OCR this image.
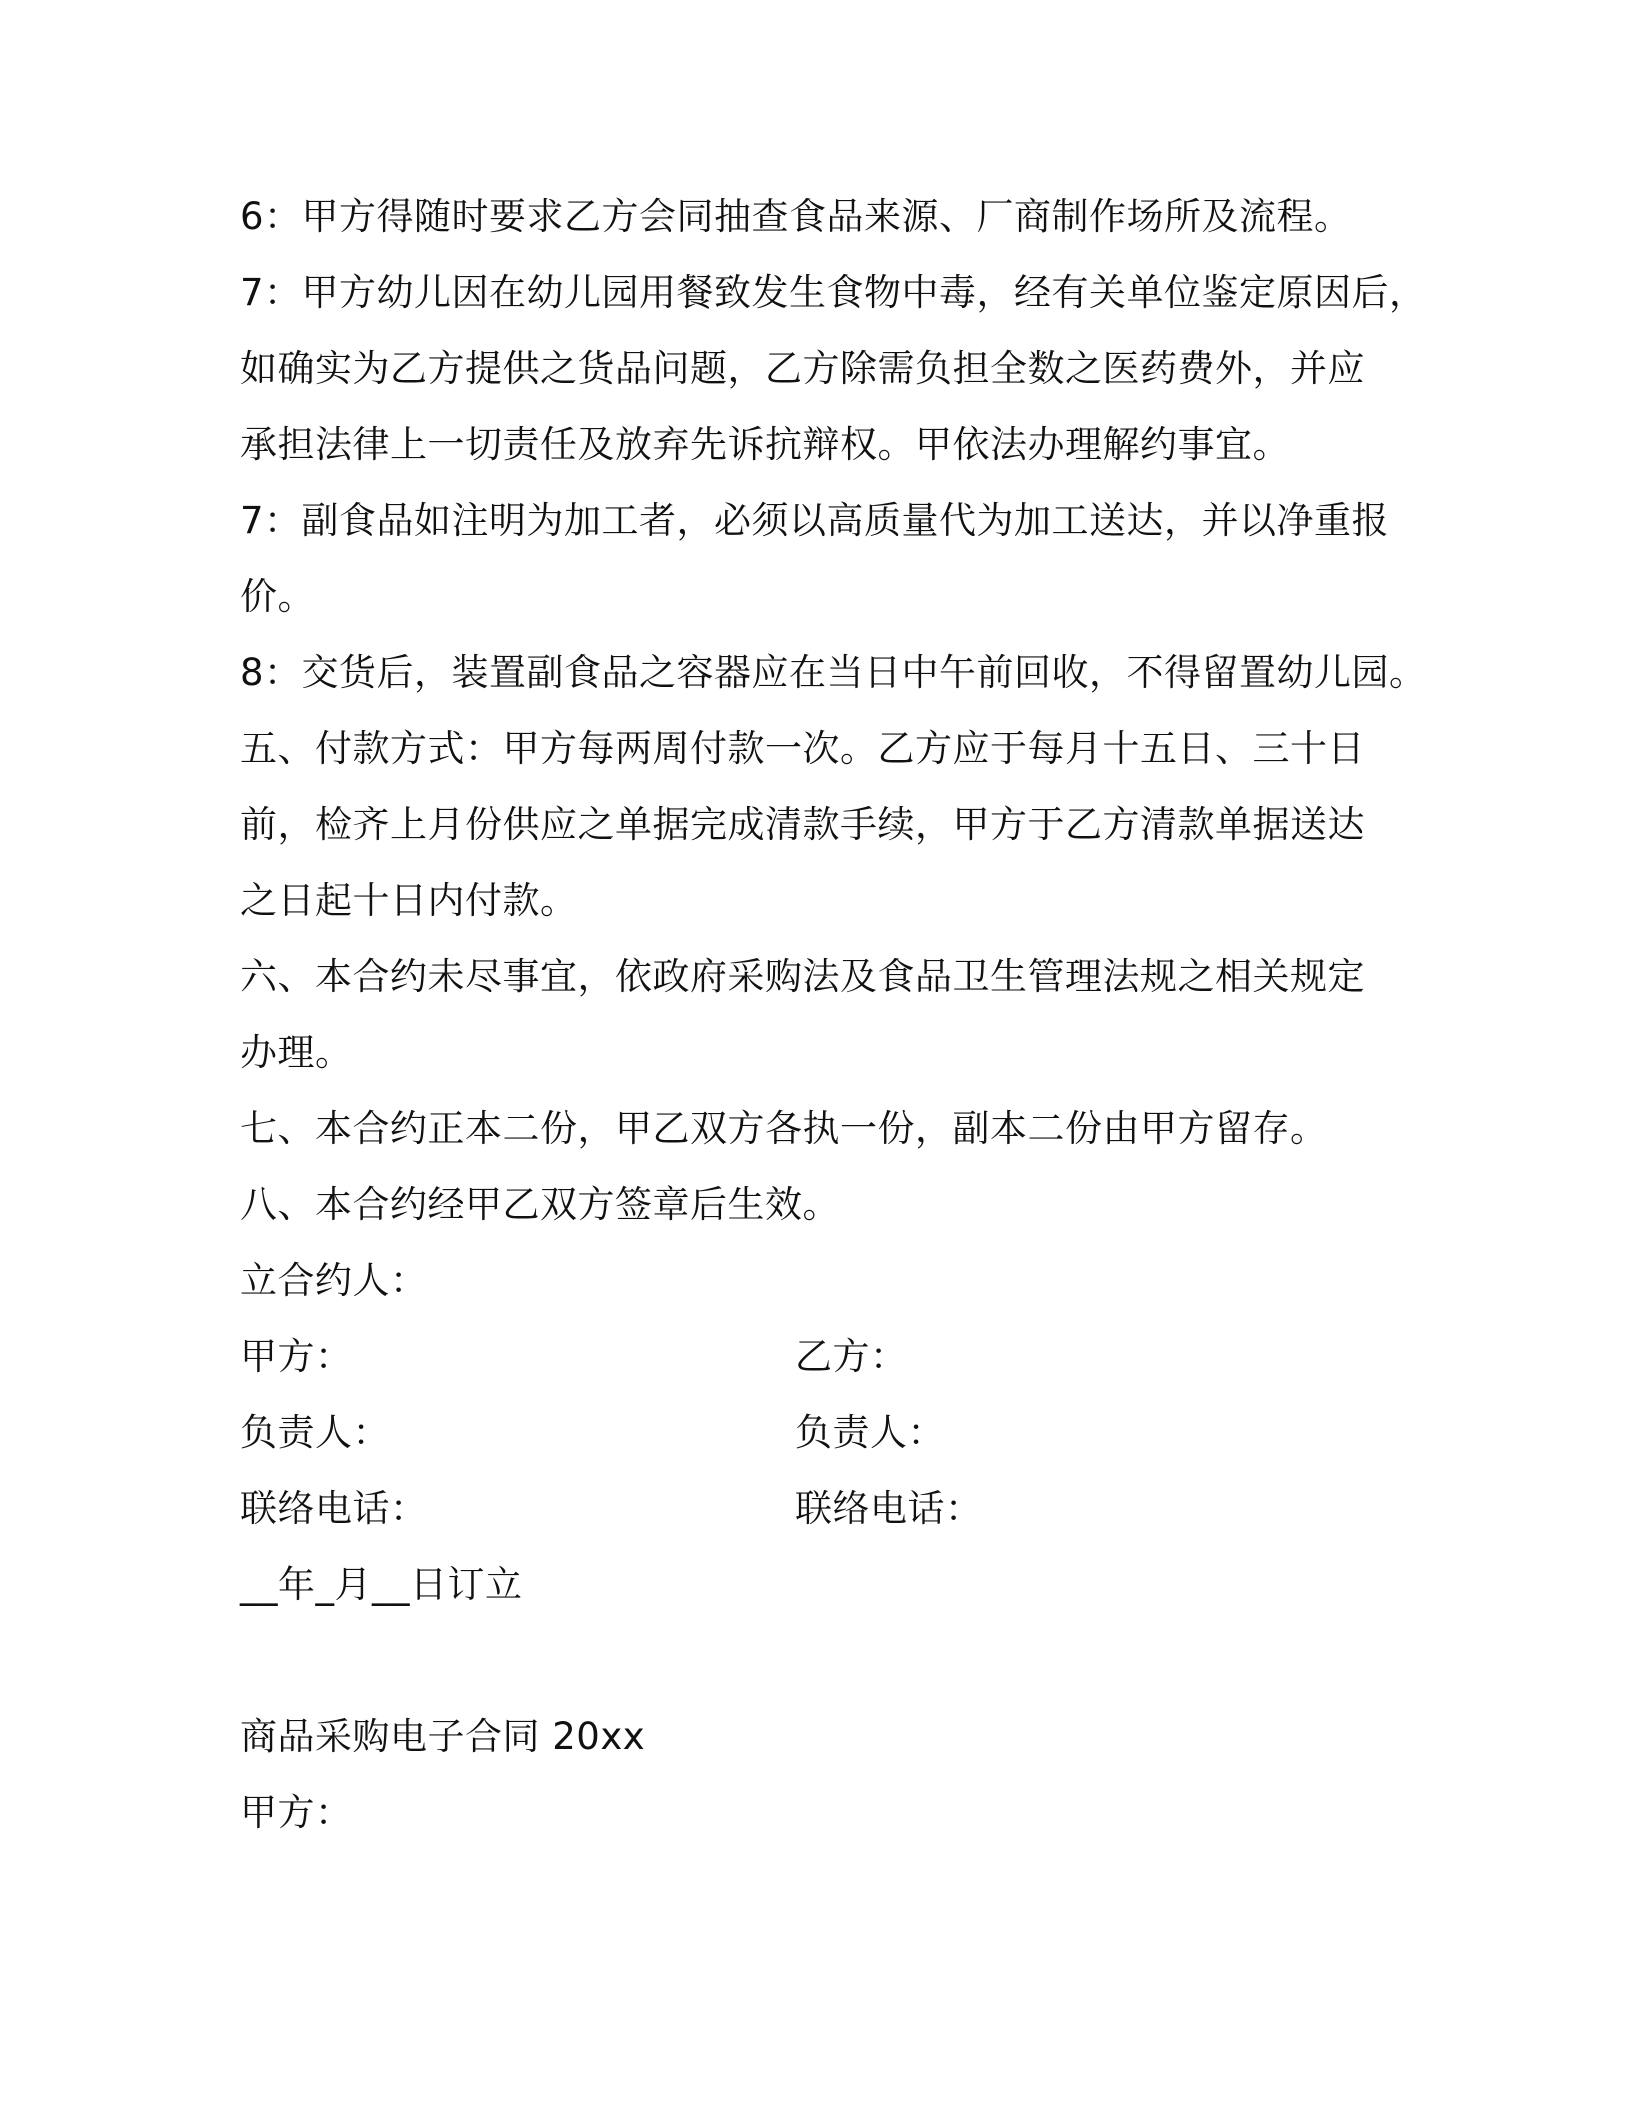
6：甲方得随时要求乙方会同抽查食品来源、厂商制作场所及流程。
7：甲方幼儿因在幼儿园用餐致发生食物中毒，经有关单位鉴定原因后，
如确实为乙方提供之货品问题，乙方除需负担全数之医药费外，并应
承担法律上一切责任及放弃先诉抗辩权。甲依法办理解约事宜。
7：副食品如注明为加工者，必须以高质量代为加工送达，并以净重报
价。
8：交货后，装置副食品之容器应在当日中午前回收，不得留置幼儿园。
五、付款方式：甲方每两周付款一次。乙方应于每月十五日、三十日
前，检齐上月份供应之单据完成清款手续，甲方于乙方清款单据送达
之日起十日内付款。
六、本合约未尽事宜，依政府采购法及食品卫生管理法规之相关规定
办理。
七、本合约正本二份，甲乙双方各执一份，副本二份由甲方留存。
八、本合约经甲乙双方签章后生效。
立合约人：
甲方：	乙方：
负责人：	负责人：
联络电话：	联络电话：
__年_月__日订立
商品采购电子合同 20xx
甲方：
